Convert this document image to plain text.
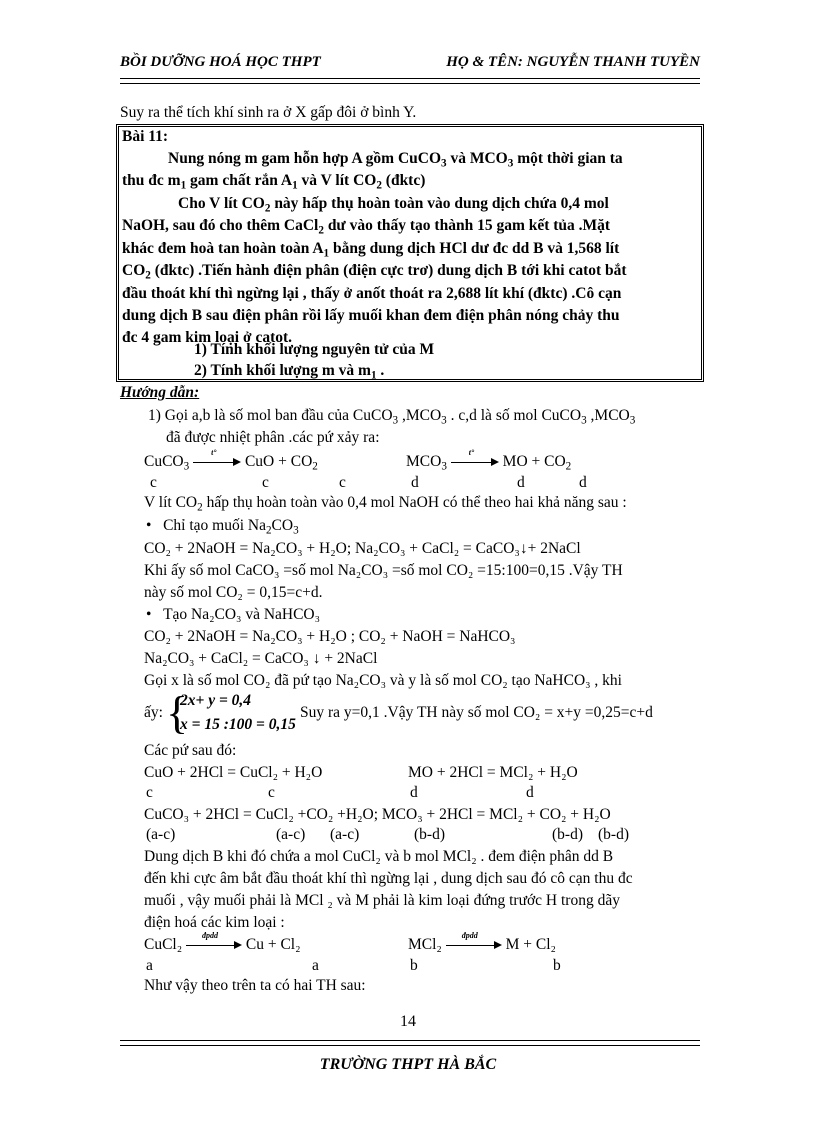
BỒI DƯỠNG HOÁ HỌC THPT	HỌ & TÊN: NGUYỄN THANH TUYỀN
Suy ra thể tích khí sinh ra ở X gấp đôi ở bình Y.
Bài 11:
Nung nóng m gam hỗn hợp A gồm CuCO$_3$ và $MCO_3$ một thời gian ta
thu đc $m_1$ gam chất rắn $A_1$ và V lít $CO_2$ (đktc)
Cho V lít $CO_2$ này hấp thụ hoàn toàn vào dung dịch chứa 0,4 mol
NaOH, sau đó cho thêm CaCl$_2$ dư vào thấy tạo thành 15 gam kết tủa .Mặt
khác đem hoà tan hoàn toàn $A_1$ bằng dung dịch HCl dư đc dd B và 1,568 lít
$CO_2$ (đktc) .Tiến hành điện phân (điện cực trơ) dung dịch B tới khi catot bắt
đầu thoát khí thì ngừng lại , thấy ở anốt thoát ra 2,688 lít khí (đktc) .Cô cạn
dung dịch B sau điện phân rồi lấy muối khan đem điện phân nóng chảy thu
đc 4 gam kim loại ở catot.
1) Tính khối lượng nguyên tử của M
2) Tính khối lượng m và $m_1$ .
Hướng dẫn:
1) Gọi a,b là số mol ban đầu của CuCO$_3$ $,MCO_3$ . c,d là số mol CuCO$_3$ $,MCO_3$
đã được nhiệt phân .các pứ xảy ra:
CuCO$_3$
t°
CuO + $CO_2$	$MCO_3$
t°
MO + $CO_2$
c	c	c	d	d	d
V lít $CO_2$ hấp thụ hoàn toàn vào 0,4 mol NaOH có thể theo hai khả năng sau :
•   Chỉ tạo muối $Na_2CO_3$
CO₂ + 2NaOH = Na₂CO₃ + H₂O; Na₂CO₃ + CaCl₂ = CaCO₃↓+ 2NaCl
Khi ấy số mol CaCO₃ =số mol Na₂CO₃ =số mol CO₂ =15:100=0,15 .Vậy TH
này số mol CO₂ = 0,15=c+d.
•   Tạo Na₂CO₃ và NaHCO₃
CO₂ + 2NaOH = Na₂CO₃ + H₂O ; CO₂ + NaOH = NaHCO₃
Na₂CO₃ + CaCl₂ = CaCO₃ ↓ + 2NaCl
Gọi x là số mol CO₂ đã pứ tạo Na₂CO₃ và y là số mol CO₂ tạo NaHCO₃ , khi
ấy: {
2x+ y = 0,4
x = 15 :100 = 0,15
Suy ra y=0,1 .Vậy TH này số mol CO₂ = x+y =0,25=c+d
Các pứ sau đó:
CuO + 2HCl = CuCl₂ + H₂O	MO + 2HCl = MCl₂ + H₂O
c	c	d	d
CuCO₃ + 2HCl = CuCl₂ +CO₂ +H₂O; MCO₃ + 2HCl = MCl₂ + CO₂ + H₂O
(a-c)	(a-c) (a-c)	(b-d)	(b-d) (b-d)
Dung dịch B khi đó chứa a mol CuCl₂ và b mol MCl₂ . đem điện phân dd B
đến khi cực âm bắt đầu thoát khí thì ngừng lại , dung dịch sau đó cô cạn thu đc
muối , vậy muối phải là MCl ₂ và M phải là kim loại đứng trước H trong dãy
điện hoá các kim loại :
CuCl₂
đpdd
Cu + Cl₂	MCl₂
đpdd
M + Cl₂
a	a	b	b
Như vậy theo trên ta có hai TH sau:
14
TRƯỜNG THPT HÀ BẮC
